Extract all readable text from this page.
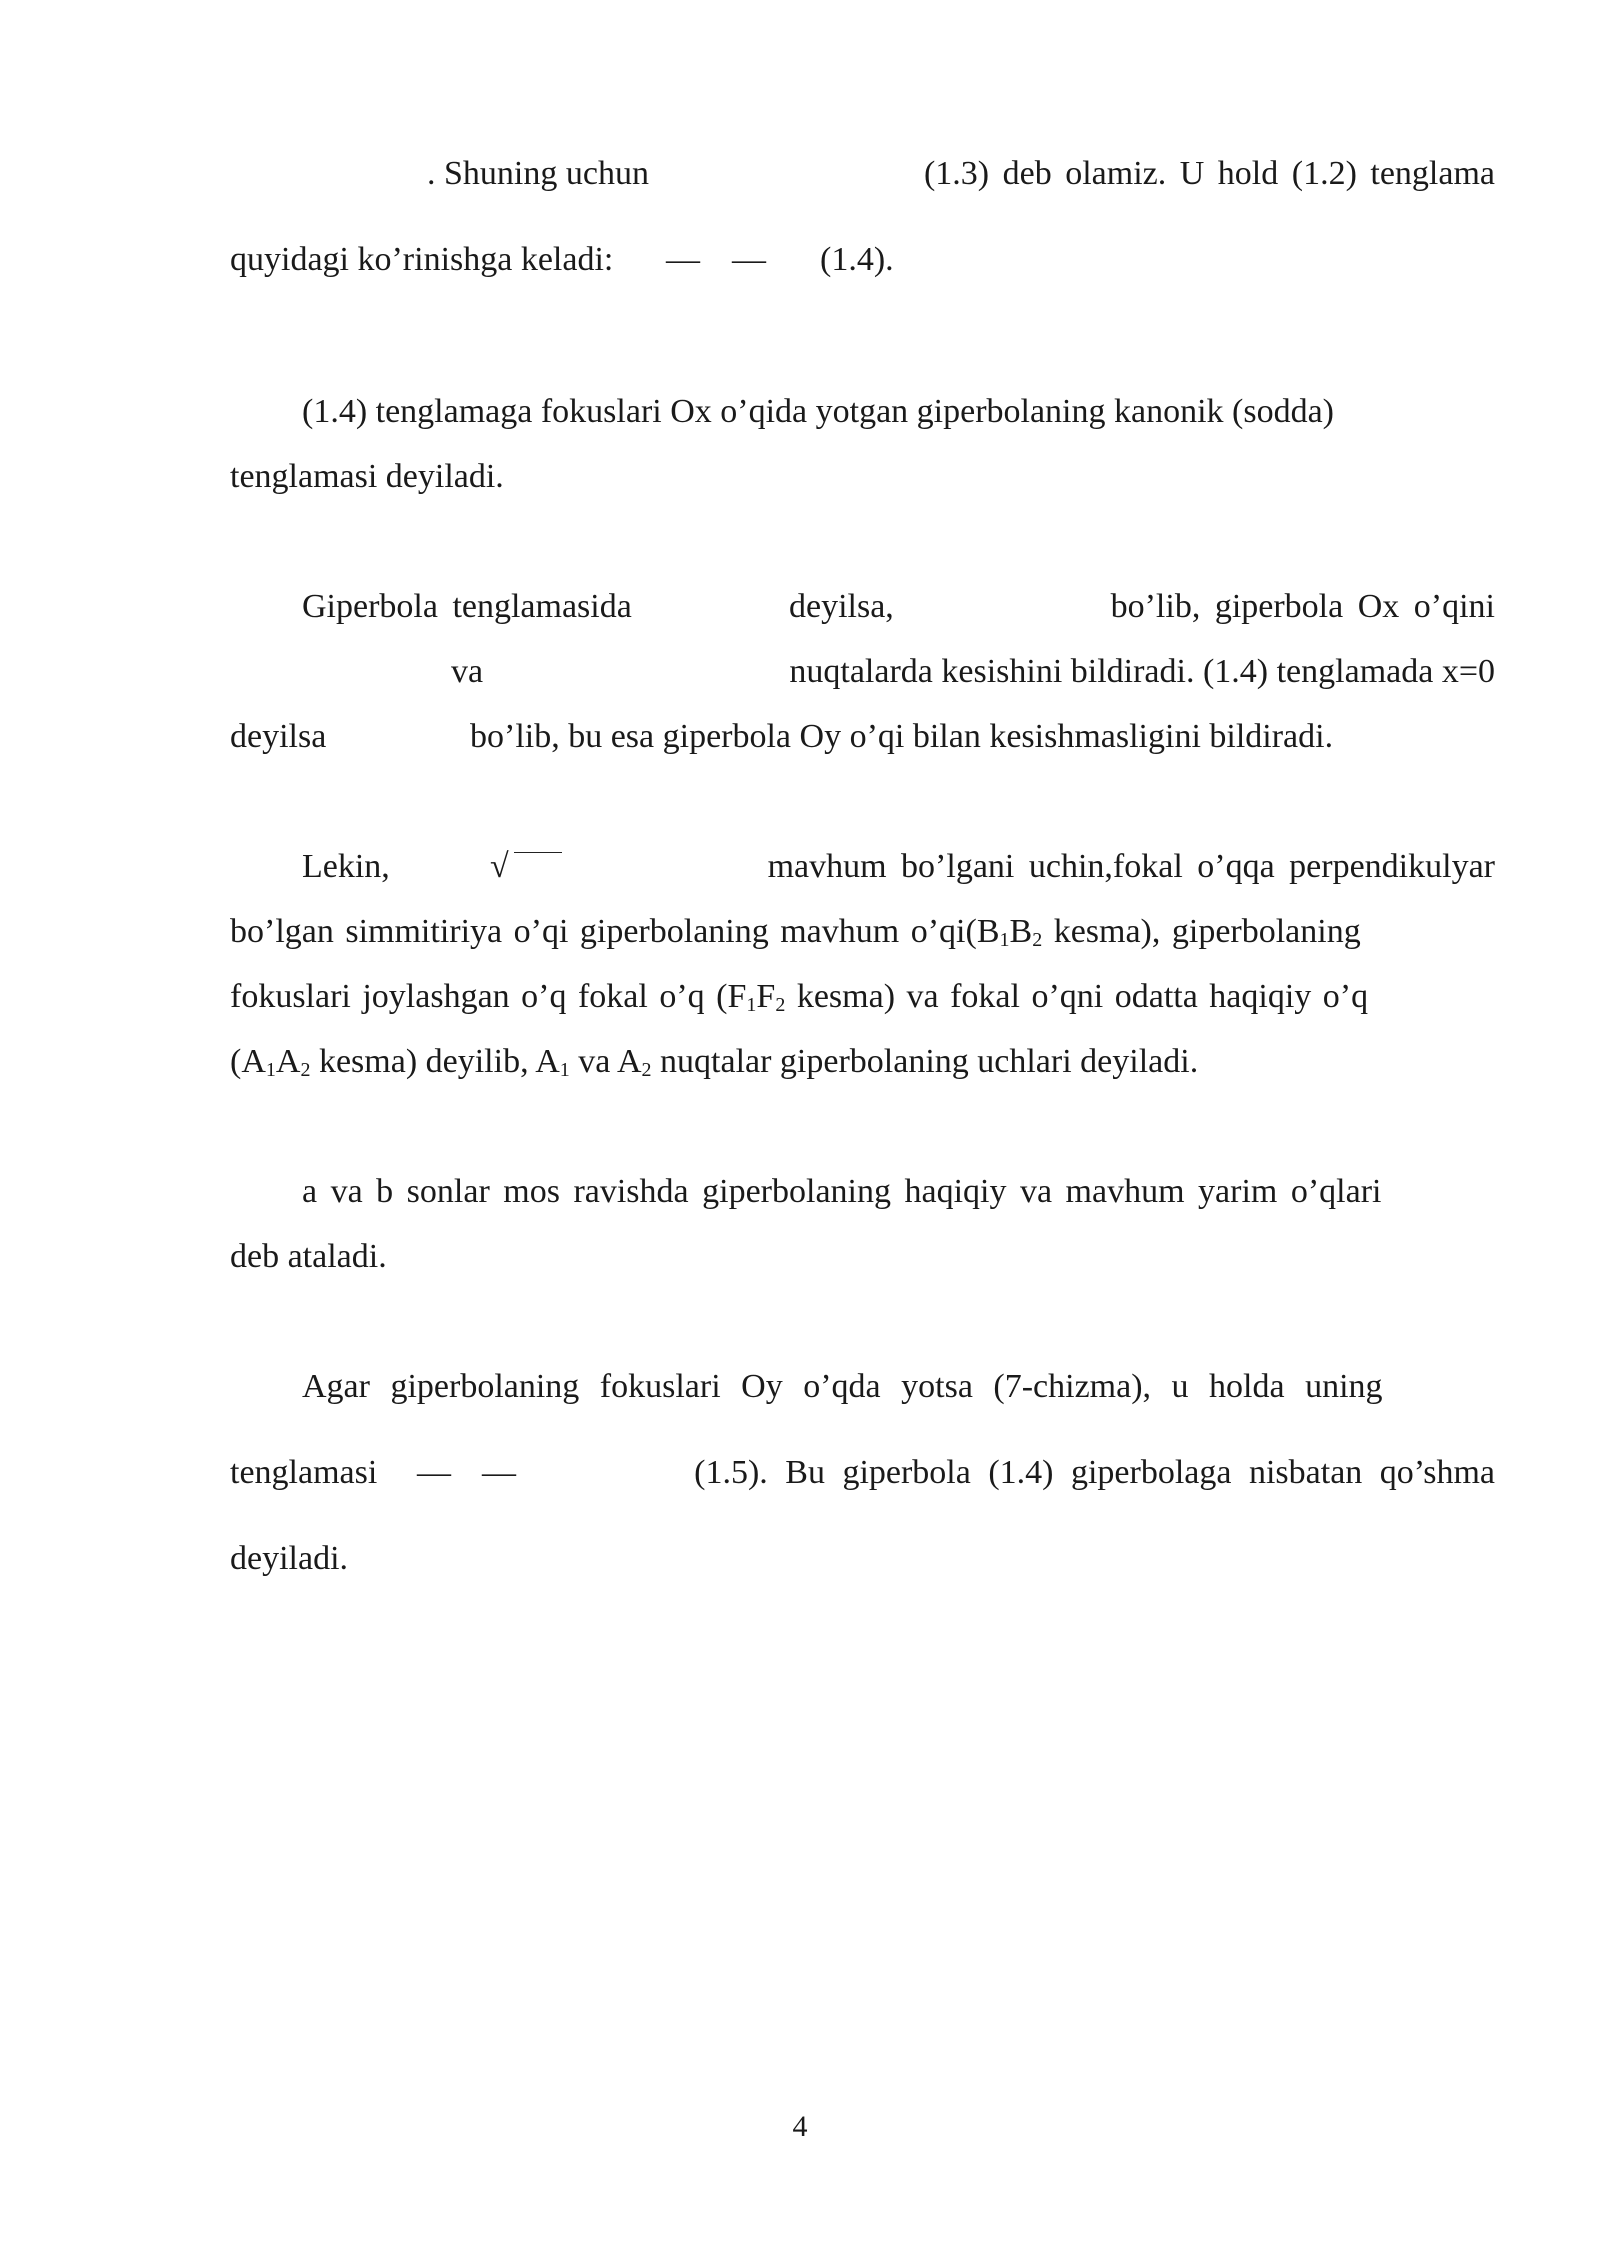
. Shuning uchun	(1.3) deb olamiz. U hold (1.2) tenglama
quyidagi ko’rinishga keladi: — — (1.4).
(1.4) tenglamaga fokuslari Ox o’qida yotgan giperbolaning kanonik (sodda)
tenglamasi deyiladi.
Giperbola tenglamasida	deyilsa,	bo’lib, giperbola Ox o’qini
va	nuqtalarda kesishini bildiradi. (1.4) tenglamada x=0
deyilsa	bo’lib, bu esa giperbola Oy o’qi bilan kesishmasligini bildiradi.
Lekin,	√	mavhum bo’lgani uchin,fokal o’qqa perpendikulyar
bo’lgan simmitiriya o’qi giperbolaning mavhum $o’qi(B_1B_2$ kesma), giperbolaning
fokuslari joylashgan o’q fokal o’q ($F_1F_2$ kesma) va fokal o’qni odatta haqiqiy o’q
($A_1A_2$ kesma) deyilib, $A_1$ va $A_2$ nuqtalar giperbolaning uchlari deyiladi.
a va b sonlar mos ravishda giperbolaning haqiqiy va mavhum yarim o’qlari
deb ataladi.
Agar giperbolaning fokuslari Oy o’qda yotsa (7-chizma), u holda uning
tenglamasi — —	(1.5). Bu giperbola (1.4) giperbolaga nisbatan qo’shma
deyiladi.
4
